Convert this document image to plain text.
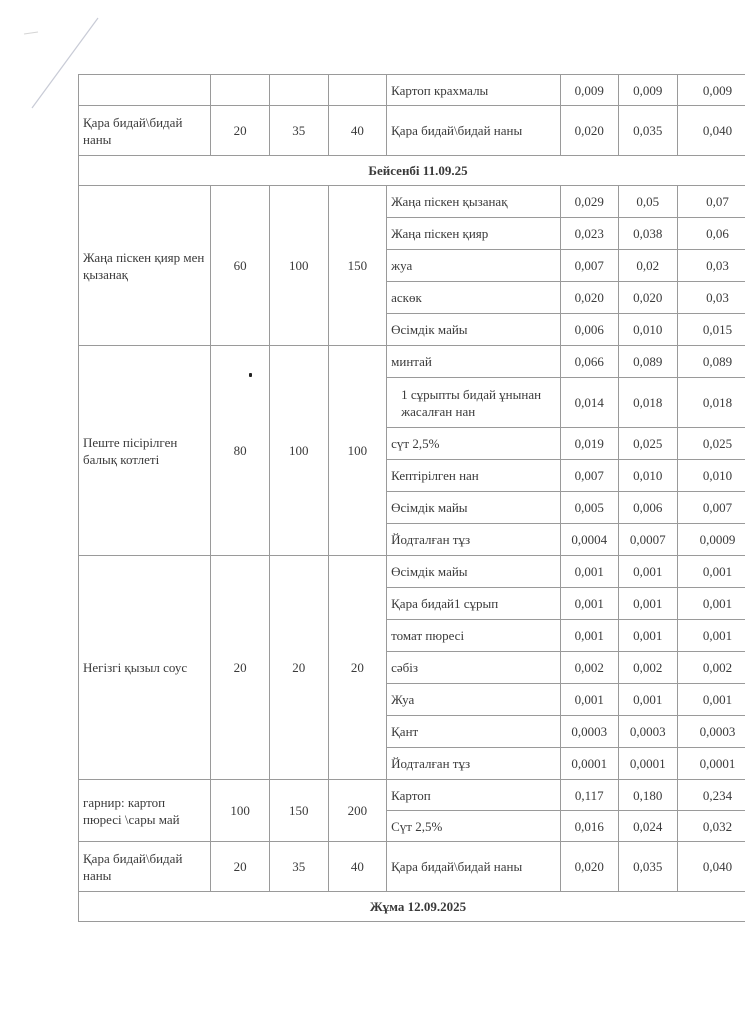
				Картоп крахмалы	0,009	0,009	0,009
Қара бидай\бидай наны	20	35	40	Қара бидай\бидай наны	0,020	0,035	0,040
Бейсенбі 11.09.25							
Жаңа піскен қияр мен қызанақ	60	100	150	Жаңа піскен қызанақ	0,029	0,05	0,07
				Жаңа піскен қияр	0,023	0,038	0,06
				жуа	0,007	0,02	0,03
				аскөк	0,020	0,020	0,03
				Өсімдік майы	0,006	0,010	0,015
Пеште пісірілген балық котлеті	80	100	100	минтай	0,066	0,089	0,089
				1 сұрыпты бидай ұнынан жасалған нан	0,014	0,018	0,018
				сүт 2,5%	0,019	0,025	0,025
				Кептірілген нан	0,007	0,010	0,010
				Өсімдік майы	0,005	0,006	0,007
				Йодталған тұз	0,0004	0,0007	0,0009
Негізгі қызыл соус	20	20	20	Өсімдік майы	0,001	0,001	0,001
				Қара бидай1 сұрып	0,001	0,001	0,001
				томат пюресі	0,001	0,001	0,001
				сәбіз	0,002	0,002	0,002
				Жуа	0,001	0,001	0,001
				Қант	0,0003	0,0003	0,0003
				Йодталған тұз	0,0001	0,0001	0,0001
гарнир: картоп пюресі \сары май	100	150	200	Картоп	0,117	0,180	0,234
				Сүт 2,5%	0,016	0,024	0,032
Қара бидай\бидай наны	20	35	40	Қара бидай\бидай наны	0,020	0,035	0,040
Жұма 12.09.2025							
